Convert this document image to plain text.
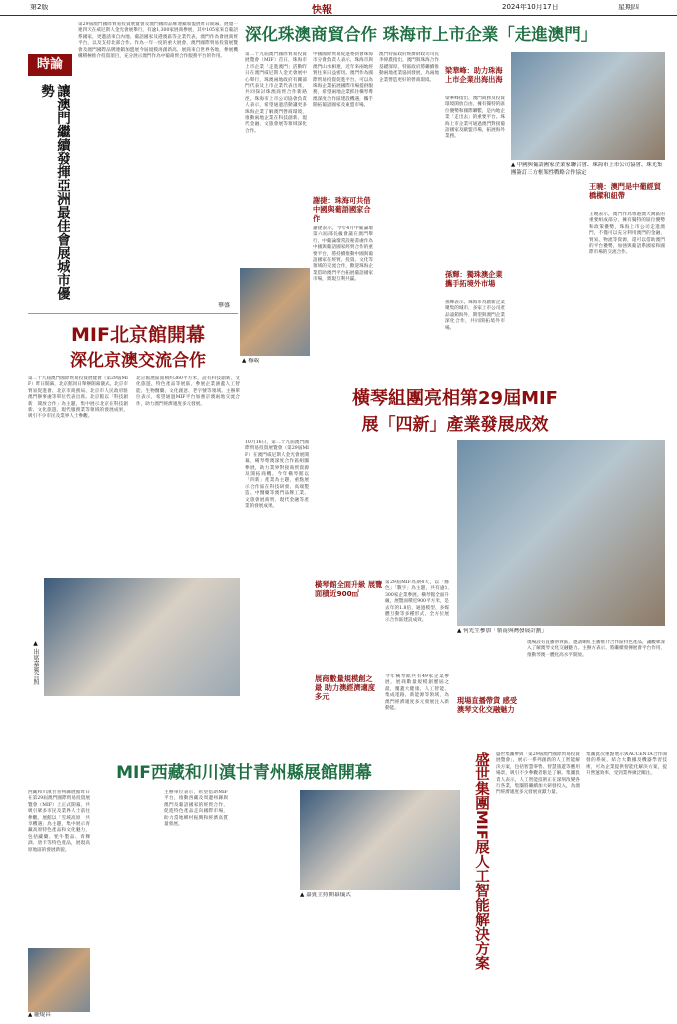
第2版	快報	2024年10月17日	星期四
時論
讓澳門繼續發揮亞洲最佳會展城市優勢
第29屆澳門國際貿易投資展覽會及澳門國際品牌連鎖加盟展昨日開幕，展覽一連四天在威尼斯人金光會展舉行，有逾1,300家展商參展，其中105家來自葡語系國家，更邀請來自內地、葡語國家及港澳區等企業代表，澳門作為會展商貿平台，以及支持北部合作。作為一年一度的重大展會，澳門國際貿易投資展覽會及澳門國際品牌連鎖加盟展今屆規模再創新高，展商來自世界各地，參展機構積極推介投資項目，充分展示澳門作為中葡商貿合作服務平台的作用。
華盛
深化珠澳商貿合作 珠海市上市企業「走進澳門」
第二十九屆澳門國際貿易投資展覽會（MIF）首日，珠海市上市企業「走進澳門」活動昨日在澳門威尼斯人金光會展中心舉行，珠澳兩地政府有關部門代表及上市企業代表出席，共同探討珠澳商貿合作新路徑。珠海市上市公司協會負責人表示，希望通過活動讓更多珠海企業了解澳門營商環境，推動兩地企業在科技創新、現代金融、文旅會展等領域深化合作。
中國國際貿易促進委員會珠海市分會負責人表示，珠海市與澳門山水相連，近年來兩地經貿往來日益密切。澳門作為國際貿易投資促進平台，可以為珠海企業拓展國際市場提供服務，希望兩地企業抓住橫琴粵澳深度合作區建設機遇，攜手開拓葡語國家及東盟市場。
謝捷：珠海可共借中國與葡語國家合作
謝捷表示，今年4月中葡論壇第六屆部長級會議在澳門舉行，中葡論壇常設秘書處作為中國與葡語國家經貿合作的重要平台，將持續推動中國與葡語國家在經貿、投資、文化等領域的交流合作，歡迎珠海企業借助澳門平台拓展葡語國家市場，實現互利共贏。
澳門特區政府經濟財政司司長李偉農指出，澳門與珠海合作基礎深厚，特區政府將繼續推動兩地產業協同發展，為兩地企業營造更好的營商環境。
梁華峰：助力珠海上市企業出海出海
梁華峰指出，澳門商務及投資環境開放自由，擁有獨特的區位優勢和國際聯繫，是內地企業「走出去」的重要平台。珠海上市企業可通過澳門對接葡語國家及歐盟市場，拓展海外業務。
孫輝：獨珠澳企業攜手拓境外市場
孫輝表示，珠海市為創新企業聚集的城市，多家上市公司產品遠銷海外，期望與澳門企業深化合作，共同開拓境外市場。
▲ 中國與葡語國家企業家聯合會、珠海市上市公司協會、珠光集團簽訂三方框架性戰略合作協定
王曉：澳門是中葡經貿橋樑和紐帶
王曉表示，澳門作為粵港澳大灣區的重要組成部分，擁有獨特的區位優勢和政策優勢，珠海上市公司走進澳門，不僅可以充分利用澳門的金融、貿易、物流等資源，還可以借助澳門的平台優勢，加強與葡語系國家和國際市場的交流合作。
▲ 穆兢
MIF北京館開幕
深化京澳交流合作
第二十九屆澳門國際貿易投資展覽會（第29屆MIF）昨日開幕，北京館同日舉辦開幕儀式。北京市貿易促進會、北京市商務局、北京市人民政府駐澳門辦事處等單位代表出席。北京館以「科技創新　開放合作」為主題，集中展示北京在科技創新、文化旅遊、現代服務業等領域的發展成果，吸引不少市民及業界人士參觀。
北京館展區面積約360平方米，設有科技創新、文化旅遊、特色產品等展區，參展企業涵蓋人工智能、生物醫藥、文化創意、老字號等領域。主辦單位表示，希望通過MIF平台加強京澳兩地交流合作，助力澳門經濟適度多元發展。
▲ 出席嘉賓合照
橫琴組團亮相第29屆MIF
展「四新」產業發展成效
10月16日，第二十九屆澳門國際貿易投資展覽會（第29屆MIF）在澳門威尼斯人金光會展開幕，橫琴粵澳深度合作區組團參展，助力業界對接商貿資源及開拓商機。今年橫琴館以「四新」產業為主題，重點展示合作區在科技研發、高端製造、中醫藥等澳門品牌工業、文旅會展商貿、現代金融等產業的發展成果。
橫琴館全面升級 展覽面積近900㎡
第29屆MIF為期4天，以「綠色」「數字」為主題，共有逾1,300家企業參展。橫琴館全面升級，展覽面積近900平方米，是去年的1.8倍，通過模型、多媒體互動等多種形式，全方位展示合作區建設成效。
展商數量規模創之最 助力澳經濟適度多元
今年橫琴館共有49家企業參展，展商數量規模創歷屆之最，覆蓋大健康、人工智能、集成電路、新能源等領域，為澳門經濟適度多元發展注入新動能。
▲ 何先生參加「嶺南與灣發展計劃」
現場直播帶貨 感受澳琴文化交融魅力
現場設有直播帶貨區，邀請網紅主播推介合作區特色產品，讓觀眾深入了解澳琴文化交融魅力。主辦方表示，將繼續發揮展會平台作用，推動琴澳一體化高水平開放。
MIF西藏和川滇甘青州縣展館開幕
西藏和川滇甘青州縣展館昨日在第29屆澳門國際貿易投資展覽會（MIF）上正式開幕，共吸引眾多市民及業界人士前往參觀。展館以「雪域高原　共享機遇」為主題，集中展示青藏高原特色產品和文化魅力，包括藏藥、牦牛製品、青稞酒、唐卡等特色產品，展現高原地區的發展新貌。
▲ 龐焜昌
主辦單位表示，希望借助MIF平台，推動西藏及周邊州縣與澳門及葡語國家的經貿合作，促進特色產品走向國際市場，助力當地鄉村振興和經濟高質量發展。
▲ 嘉賓主持開幕儀式	盛世集團MIF展人工智能解決方案 盛世集團參與「第29屆澳門國際貿易投資展覽會」，展示一系列創新的人工智能解決方案，包括智慧零售、智慧旅遊等應用場景，吸引不少參觀者駐足了解。集團負責人表示，人工智能技術正在深刻改變各行各業，集團將繼續加大研發投入，為澳門經濟適度多元發展貢獻力量。
集團此次重點展示與ACCENTA合作開發的系統，結合大數據及機器學習技術，可為企業提供智能化解決方案，提升營運效率，受到業界廣泛關注。
